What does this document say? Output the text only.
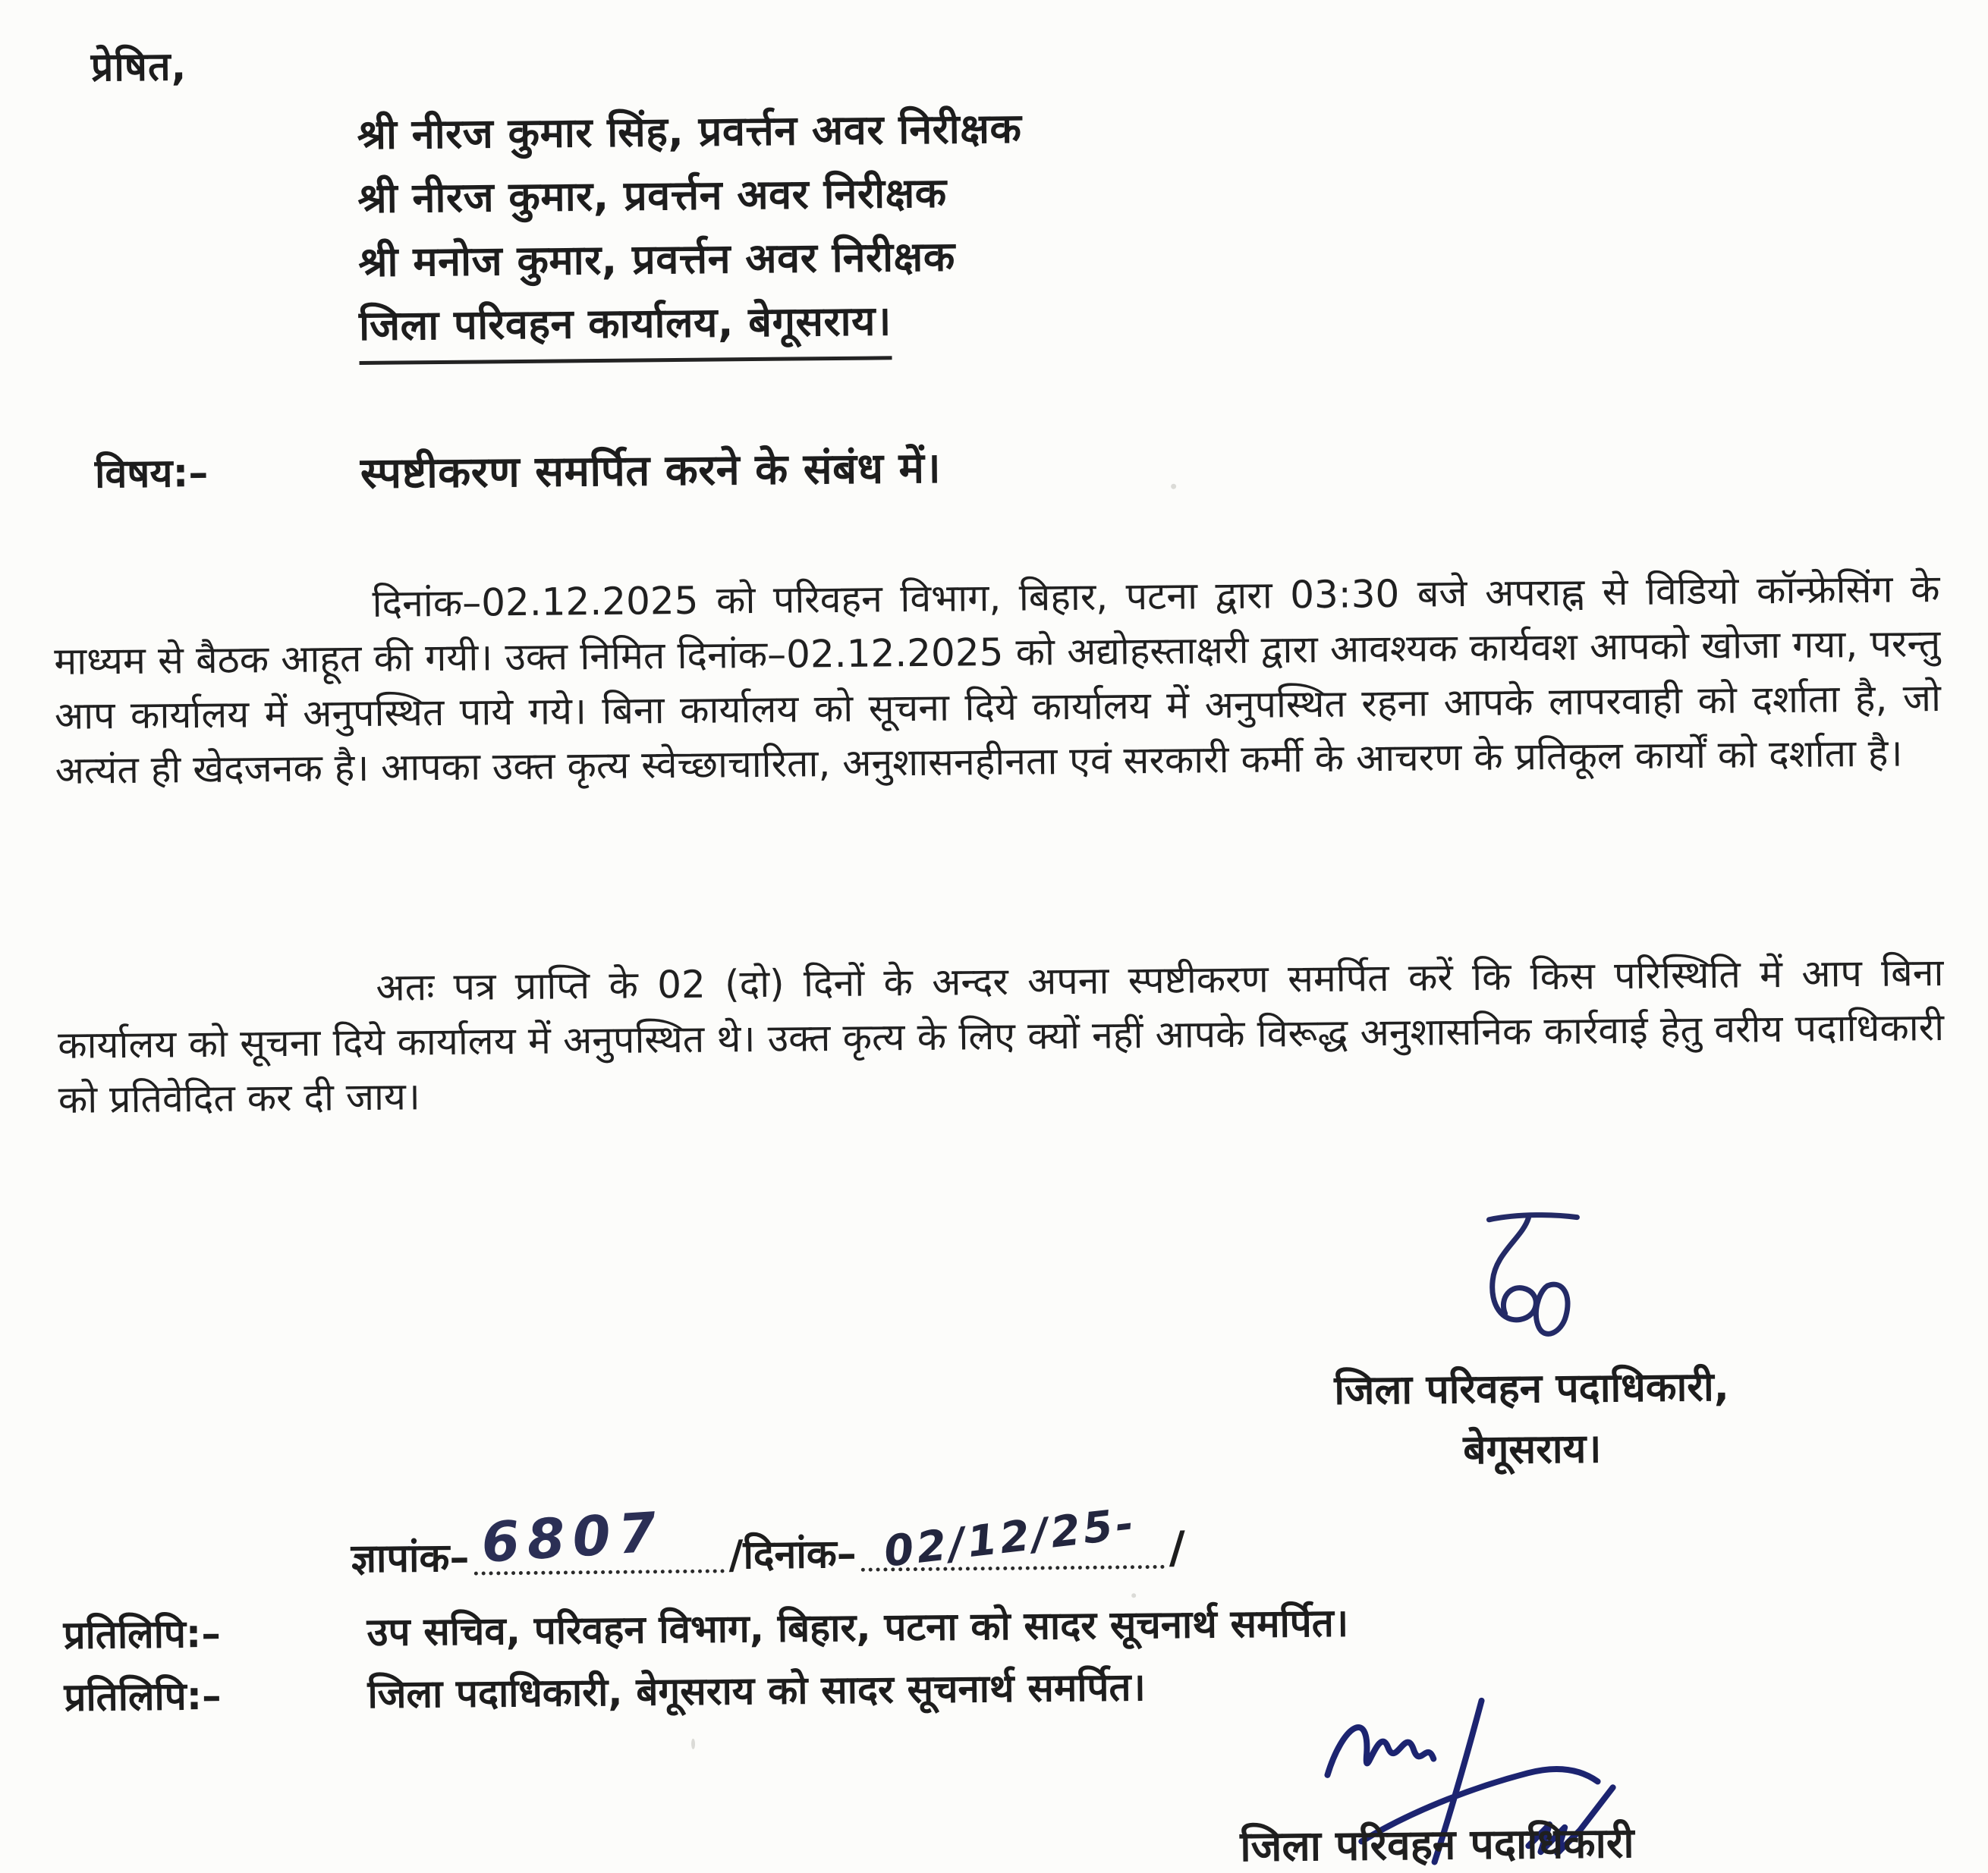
प्रेषित,
श्री नीरज कुमार सिंह, प्रवर्त्तन अवर निरीक्षक
श्री नीरज कुमार, प्रवर्त्तन अवर निरीक्षक
श्री मनोज कुमार, प्रवर्त्तन अवर निरीक्षक
जिला परिवहन कार्यालय, बेगूसराय।
विषय:–	स्पष्टीकरण समर्पित करने के संबंध में।
दिनांक–02.12.2025 को परिवहन विभाग, बिहार, पटना द्वारा 03:30 बजे अपराह्न से विडियो कॉन्फ्रेसिंग के माध्यम से बैठक आहूत की गयी। उक्त निमित दिनांक–02.12.2025 को अद्योहस्ताक्षरी द्वारा आवश्यक कार्यवश आपको खोजा गया, परन्तु आप कार्यालय में अनुपस्थित पाये गये। बिना कार्यालय को सूचना दिये कार्यालय में अनुपस्थित रहना आपके लापरवाही को दर्शाता है, जो अत्यंत ही खेदजनक है। आपका उक्त कृत्य स्वेच्छाचारिता, अनुशासनहीनता एवं सरकारी कर्मी के आचरण के प्रतिकूल कार्यों को दर्शाता है।
अतः पत्र प्राप्ति के 02 (दो) दिनों के अन्दर अपना स्पष्टीकरण समर्पित करें कि किस परिस्थिति में आप बिना कार्यालय को सूचना दिये कार्यालय में अनुपस्थित थे। उक्त कृत्य के लिए क्यों नहीं आपके विरूद्ध अनुशासनिक कार्रवाई हेतु वरीय पदाधिकारी को प्रतिवेदित कर दी जाय।
जिला परिवहन पदाधिकारी,
बेगूसराय।
ज्ञापांक– 6807 /दिनांक– 02/12/25- /
प्रतिलिपि:–	उप सचिव, परिवहन विभाग, बिहार, पटना को सादर सूचनार्थ समर्पित।
प्रतिलिपि:–	जिला पदाधिकारी, बेगूसराय को सादर सूचनार्थ समर्पित।
जिला परिवहन पदाधिकारी
